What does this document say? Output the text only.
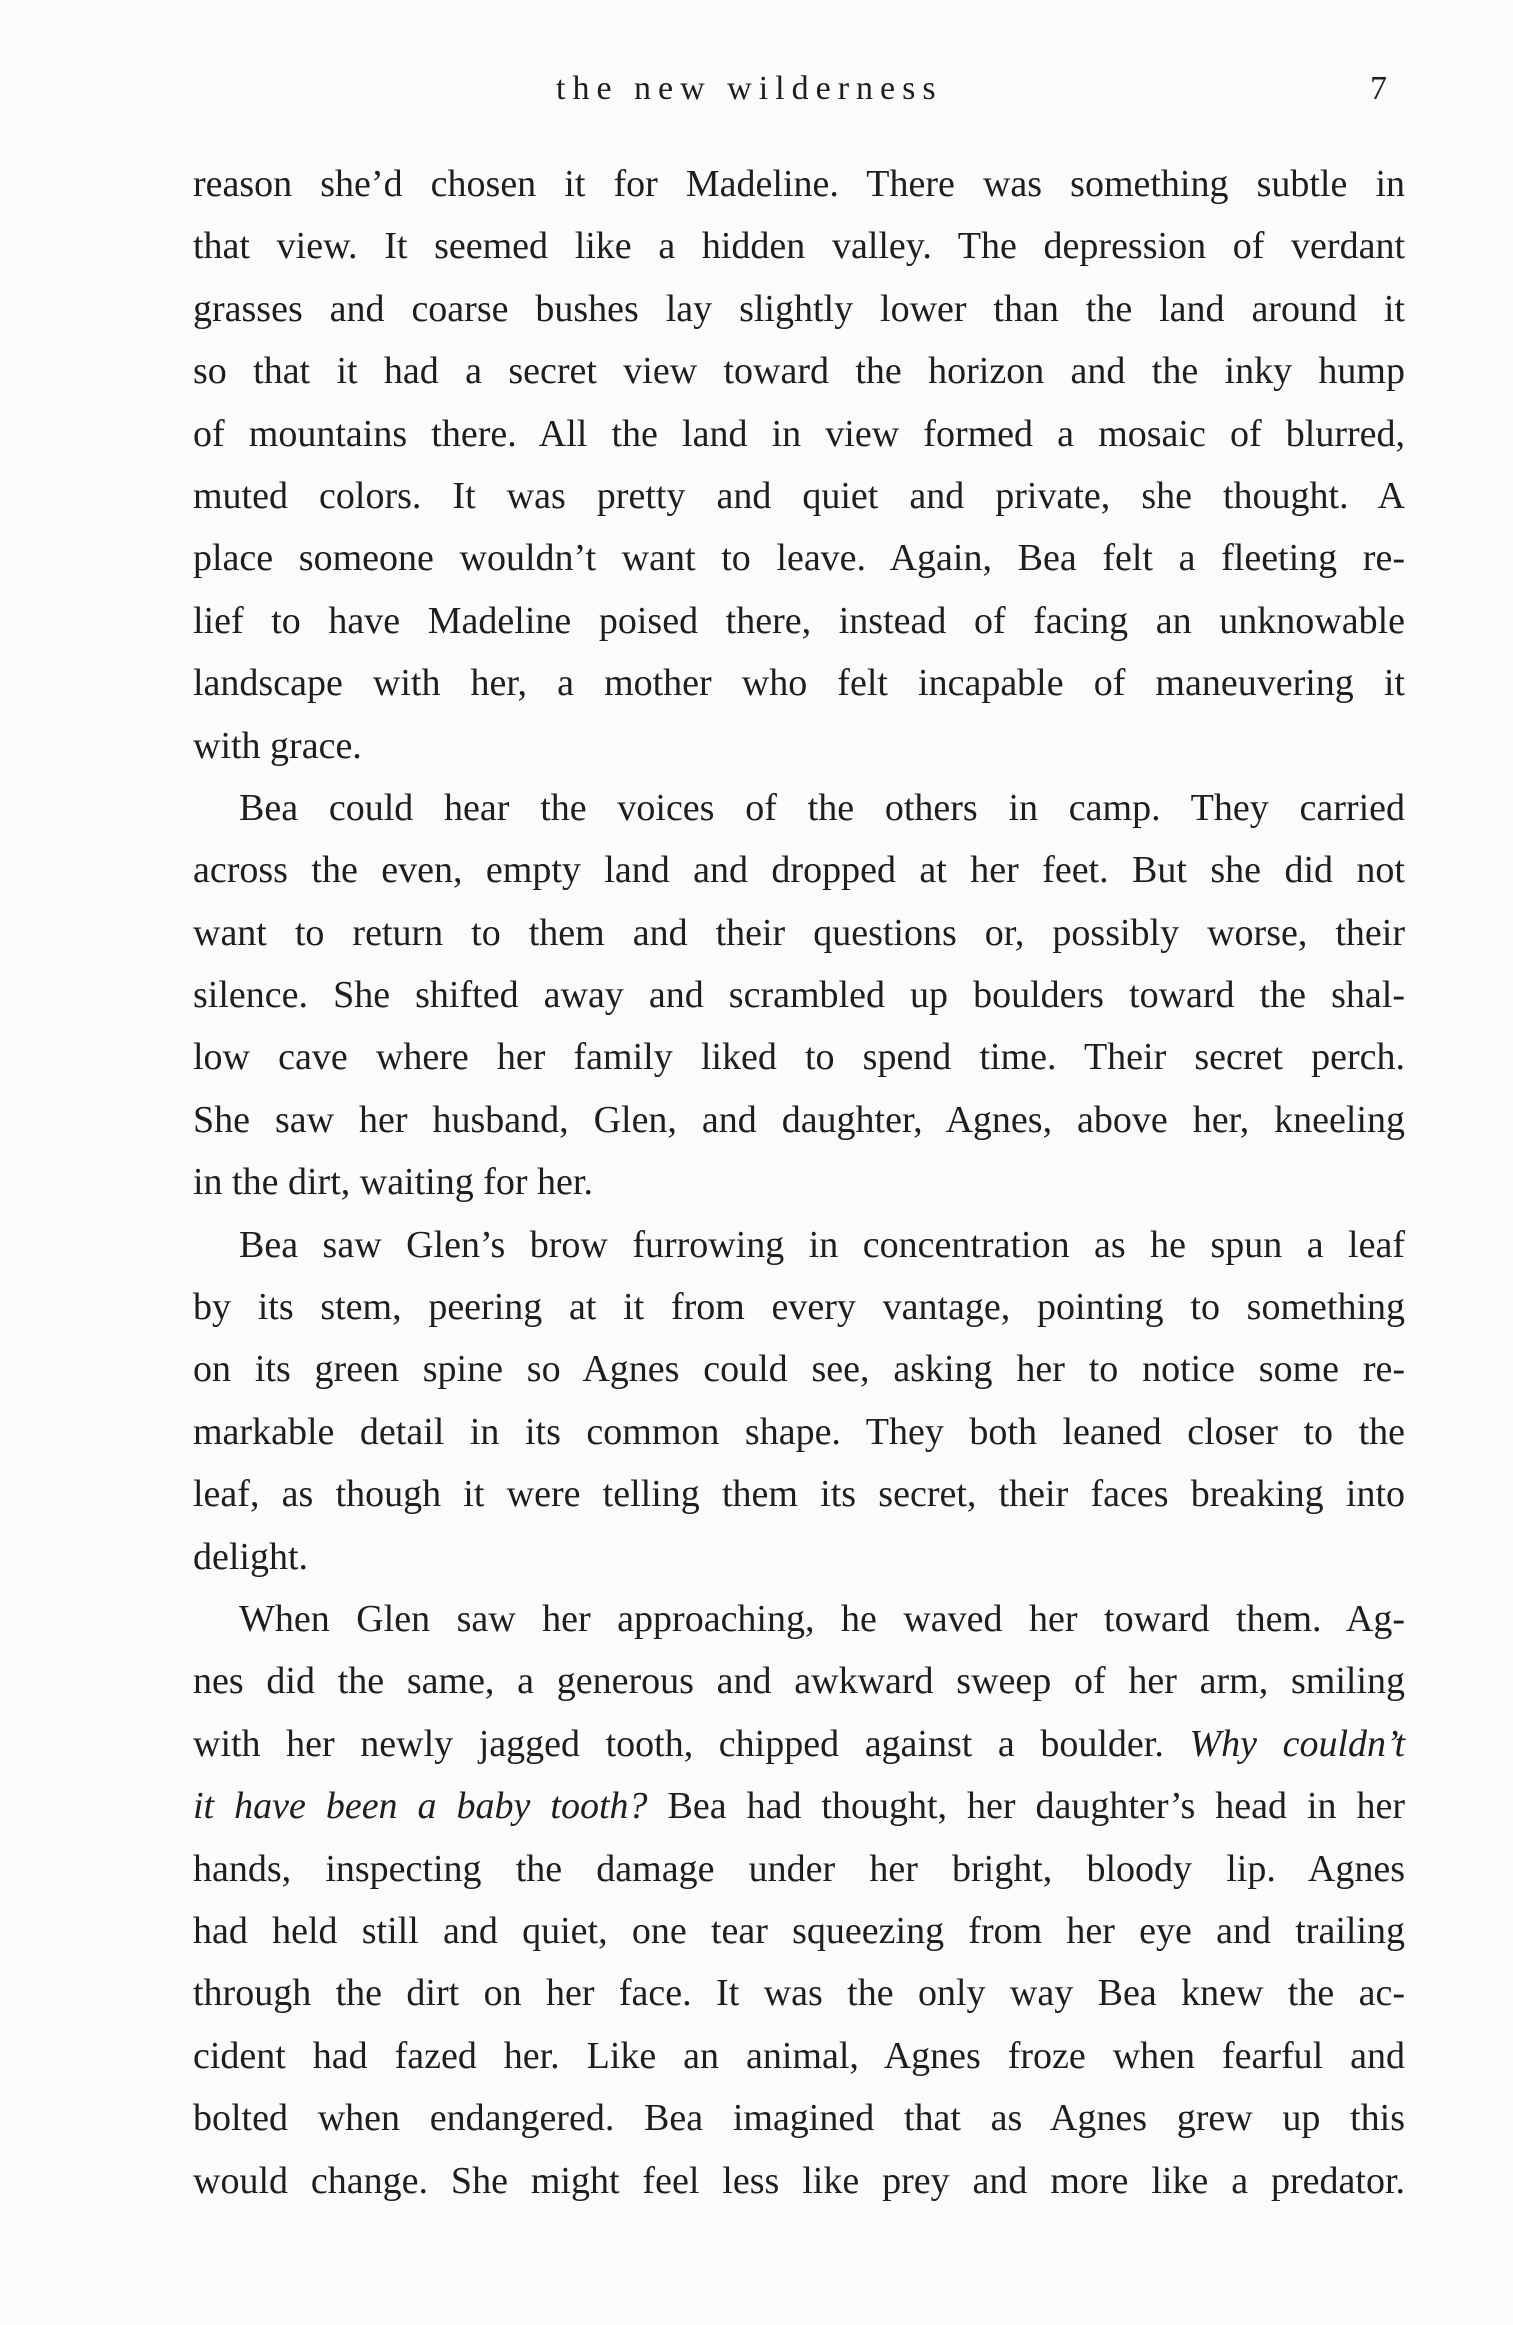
the new wilderness	7
reason she’d chosen it for Madeline. There was something subtle in
that view. It seemed like a hidden valley. The depression of verdant
grasses and coarse bushes lay slightly lower than the land around it
so that it had a secret view toward the horizon and the inky hump
of mountains there. All the land in view formed a mosaic of blurred,
muted colors. It was pretty and quiet and private, she thought. A
place someone wouldn’t want to leave. Again, Bea felt a fleeting re-
lief to have Madeline poised there, instead of facing an unknowable
landscape with her, a mother who felt incapable of maneuvering it
with grace.
Bea could hear the voices of the others in camp. They carried
across the even, empty land and dropped at her feet. But she did not
want to return to them and their questions or, possibly worse, their
silence. She shifted away and scrambled up boulders toward the shal-
low cave where her family liked to spend time. Their secret perch.
She saw her husband, Glen, and daughter, Agnes, above her, kneeling
in the dirt, waiting for her.
Bea saw Glen’s brow furrowing in concentration as he spun a leaf
by its stem, peering at it from every vantage, pointing to something
on its green spine so Agnes could see, asking her to notice some re-
markable detail in its common shape. They both leaned closer to the
leaf, as though it were telling them its secret, their faces breaking into
delight.
When Glen saw her approaching, he waved her toward them. Ag-
nes did the same, a generous and awkward sweep of her arm, smiling
with her newly jagged tooth, chipped against a boulder. Why couldn’t
it have been a baby tooth? Bea had thought, her daughter’s head in her
hands, inspecting the damage under her bright, bloody lip. Agnes
had held still and quiet, one tear squeezing from her eye and trailing
through the dirt on her face. It was the only way Bea knew the ac-
cident had fazed her. Like an animal, Agnes froze when fearful and
bolted when endangered. Bea imagined that as Agnes grew up this
would change. She might feel less like prey and more like a predator.
